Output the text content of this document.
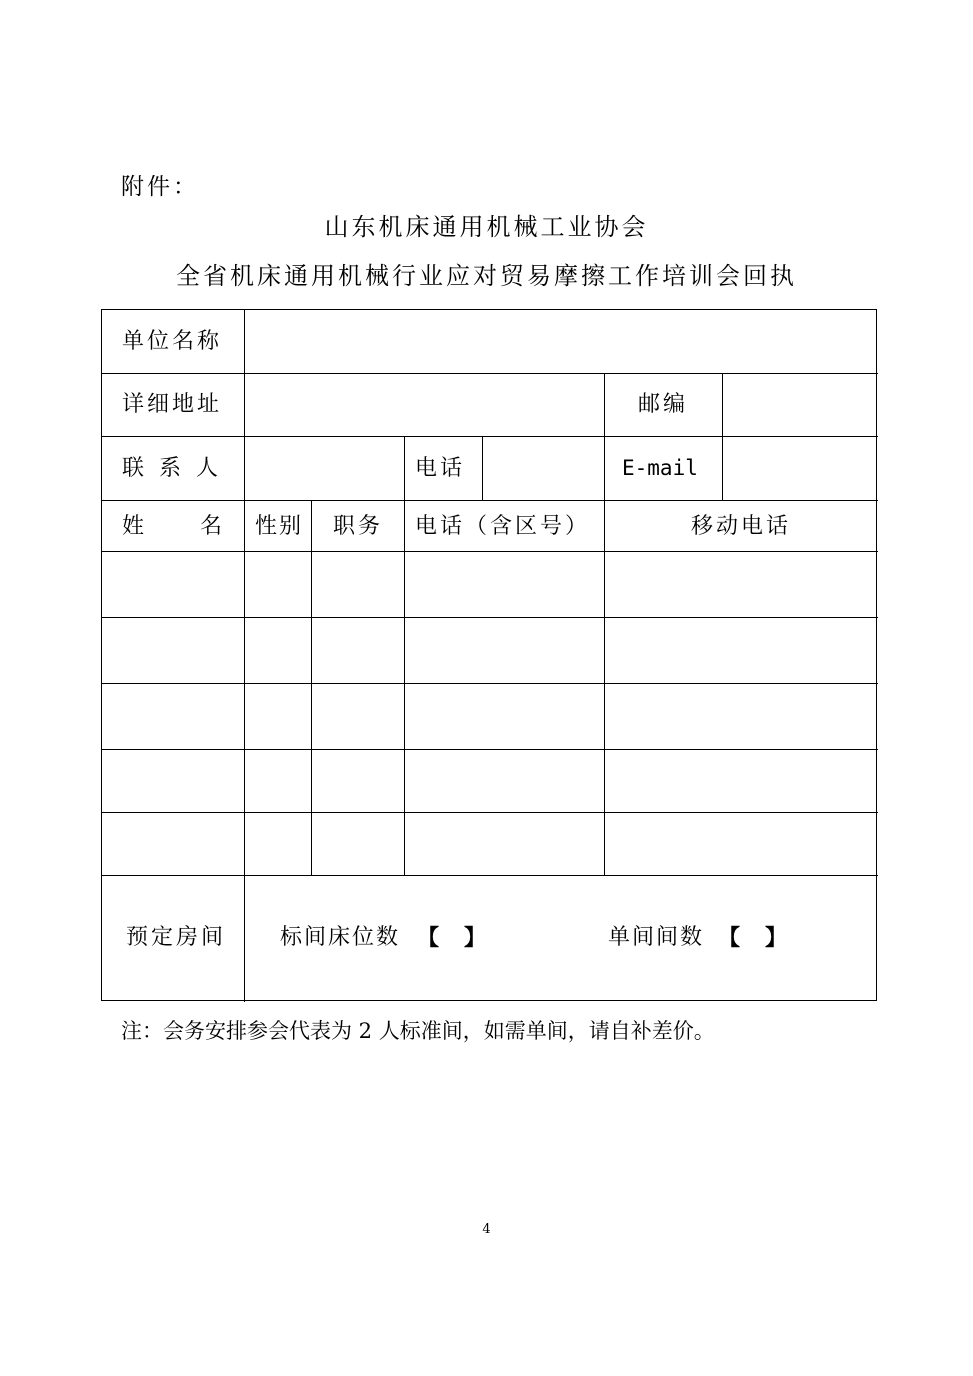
附件：
山东机床通用机械工业协会
全省机床通用机械行业应对贸易摩擦工作培训会回执
单位名称
详细地址	邮编
联 系 人	电话	E-mail
姓　　名 性别 职务 电话（含区号）	移动电话
预定房间 标间床位数 【 】	单间间数 【 】
注：会务安排参会代表为 2 人标准间，如需单间，请自补差价。
4
